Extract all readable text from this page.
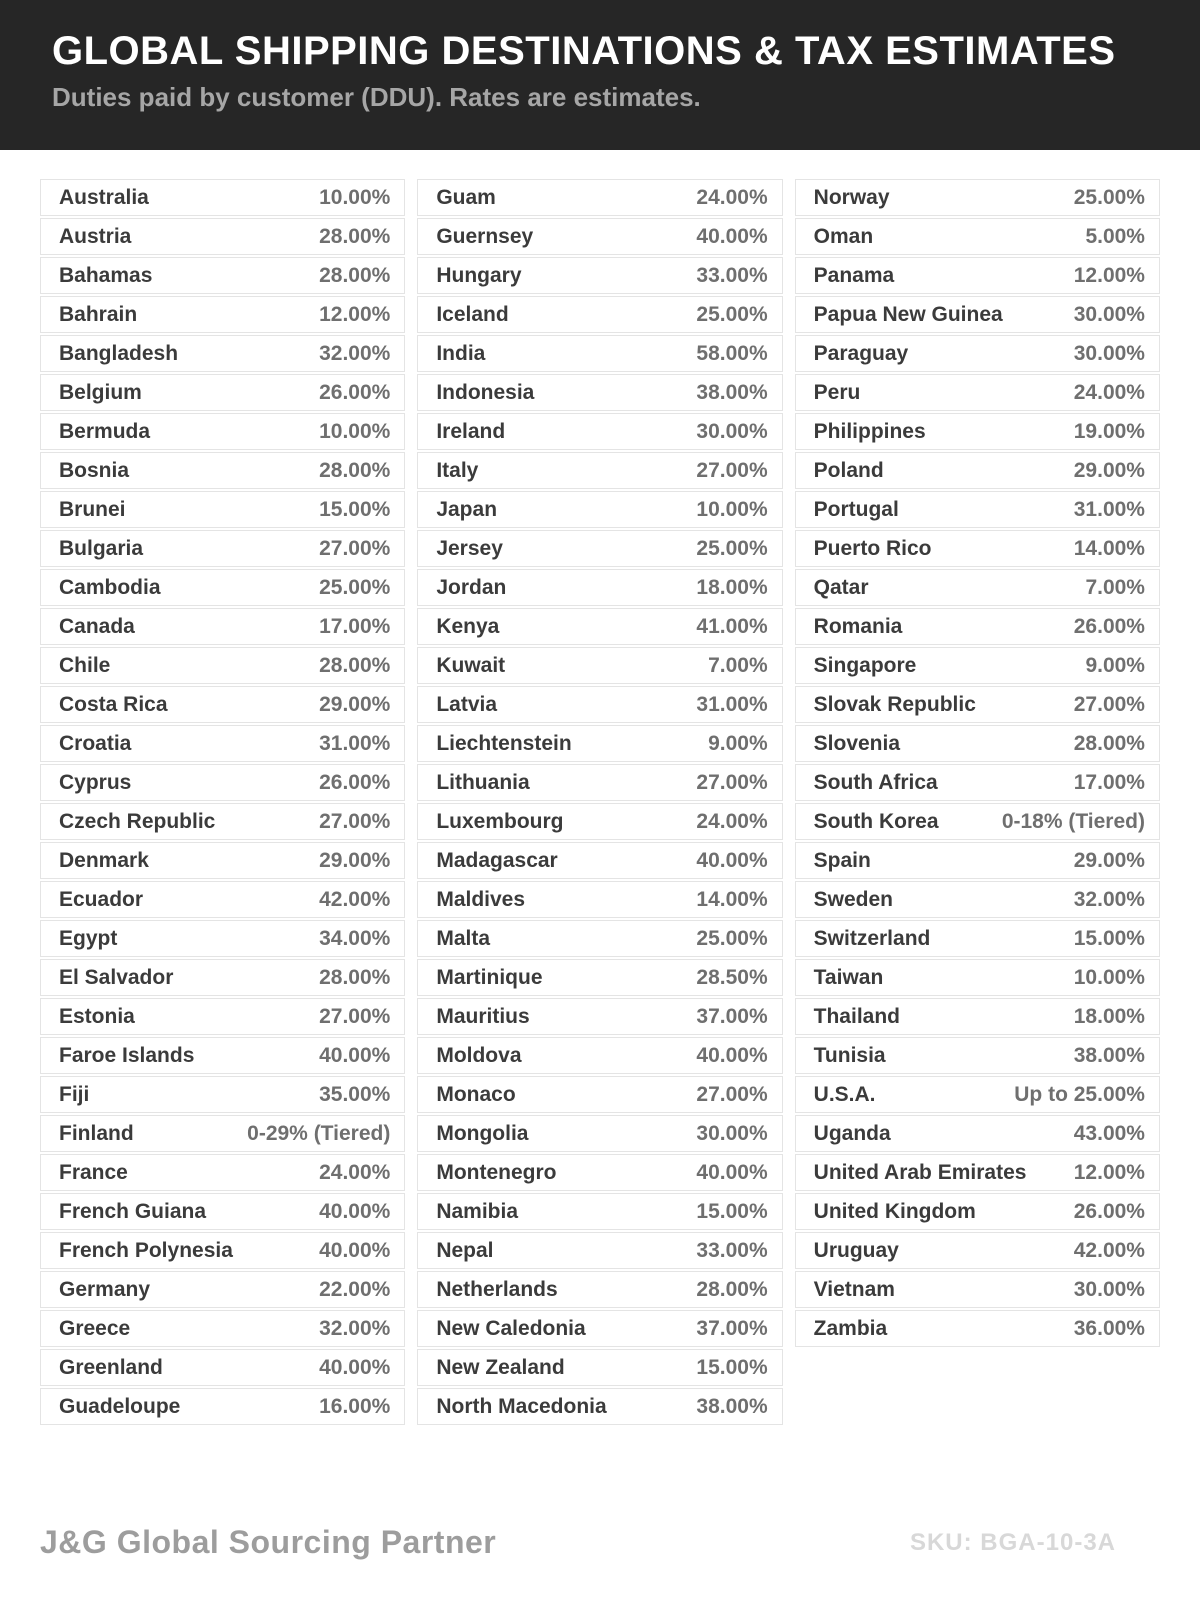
GLOBAL SHIPPING DESTINATIONS & TAX ESTIMATES

Duties paid by customer (DDU). Rates are estimates.

Australia	10.00%
Austria	28.00%
Bahamas	28.00%
Bahrain	12.00%
Bangladesh	32.00%
Belgium	26.00%
Bermuda	10.00%
Bosnia	28.00%
Brunei	15.00%
Bulgaria	27.00%
Cambodia	25.00%
Canada	17.00%
Chile	28.00%
Costa Rica	29.00%
Croatia	31.00%
Cyprus	26.00%
Czech Republic	27.00%
Denmark	29.00%
Ecuador	42.00%
Egypt	34.00%
El Salvador	28.00%
Estonia	27.00%
Faroe Islands	40.00%
Fiji	35.00%
Finland	0-29% (Tiered)
France	24.00%
French Guiana	40.00%
French Polynesia	40.00%
Germany	22.00%
Greece	32.00%
Greenland	40.00%
Guadeloupe	16.00%
Guam	24.00%
Guernsey	40.00%
Hungary	33.00%
Iceland	25.00%
India	58.00%
Indonesia	38.00%
Ireland	30.00%
Italy	27.00%
Japan	10.00%
Jersey	25.00%
Jordan	18.00%
Kenya	41.00%
Kuwait	7.00%
Latvia	31.00%
Liechtenstein	9.00%
Lithuania	27.00%
Luxembourg	24.00%
Madagascar	40.00%
Maldives	14.00%
Malta	25.00%
Martinique	28.50%
Mauritius	37.00%
Moldova	40.00%
Monaco	27.00%
Mongolia	30.00%
Montenegro	40.00%
Namibia	15.00%
Nepal	33.00%
Netherlands	28.00%
New Caledonia	37.00%
New Zealand	15.00%
North Macedonia	38.00%
Norway	25.00%
Oman	5.00%
Panama	12.00%
Papua New Guinea	30.00%
Paraguay	30.00%
Peru	24.00%
Philippines	19.00%
Poland	29.00%
Portugal	31.00%
Puerto Rico	14.00%
Qatar	7.00%
Romania	26.00%
Singapore	9.00%
Slovak Republic	27.00%
Slovenia	28.00%
South Africa	17.00%
South Korea	0-18% (Tiered)
Spain	29.00%
Sweden	32.00%
Switzerland	15.00%
Taiwan	10.00%
Thailand	18.00%
Tunisia	38.00%
U.S.A.	Up to 25.00%
Uganda	43.00%
United Arab Emirates 12.00%
United Kingdom	26.00%
Uruguay	42.00%
Vietnam	30.00%
Zambia	36.00%
J&G Global Sourcing Partner	SKU: BGA-10-3A
